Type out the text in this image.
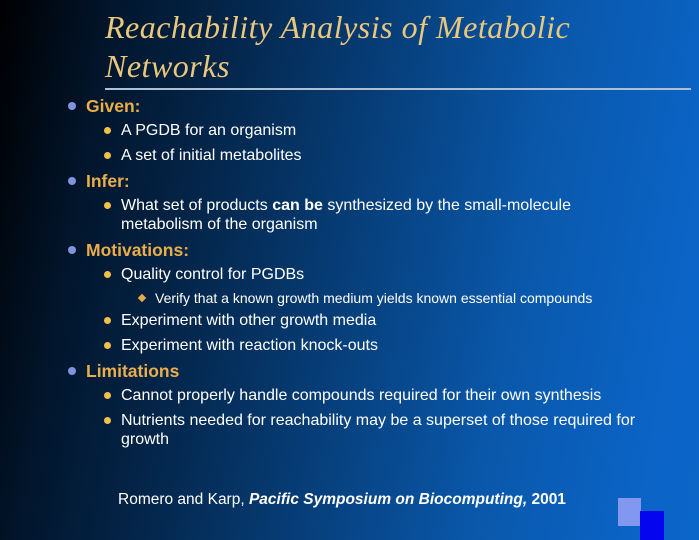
Reachability Analysis of Metabolic
Networks
Given:
A PGDB for an organism
A set of initial metabolites
Infer:
What set of products can be synthesized by the small-molecule
metabolism of the organism
Motivations:
Quality control for PGDBs
Verify that a known growth medium yields known essential compounds
Experiment with other growth media
Experiment with reaction knock-outs
Limitations
Cannot properly handle compounds required for their own synthesis
Nutrients needed for reachability may be a superset of those required for
growth
Romero and Karp, Pacific Symposium on Biocomputing, 2001
